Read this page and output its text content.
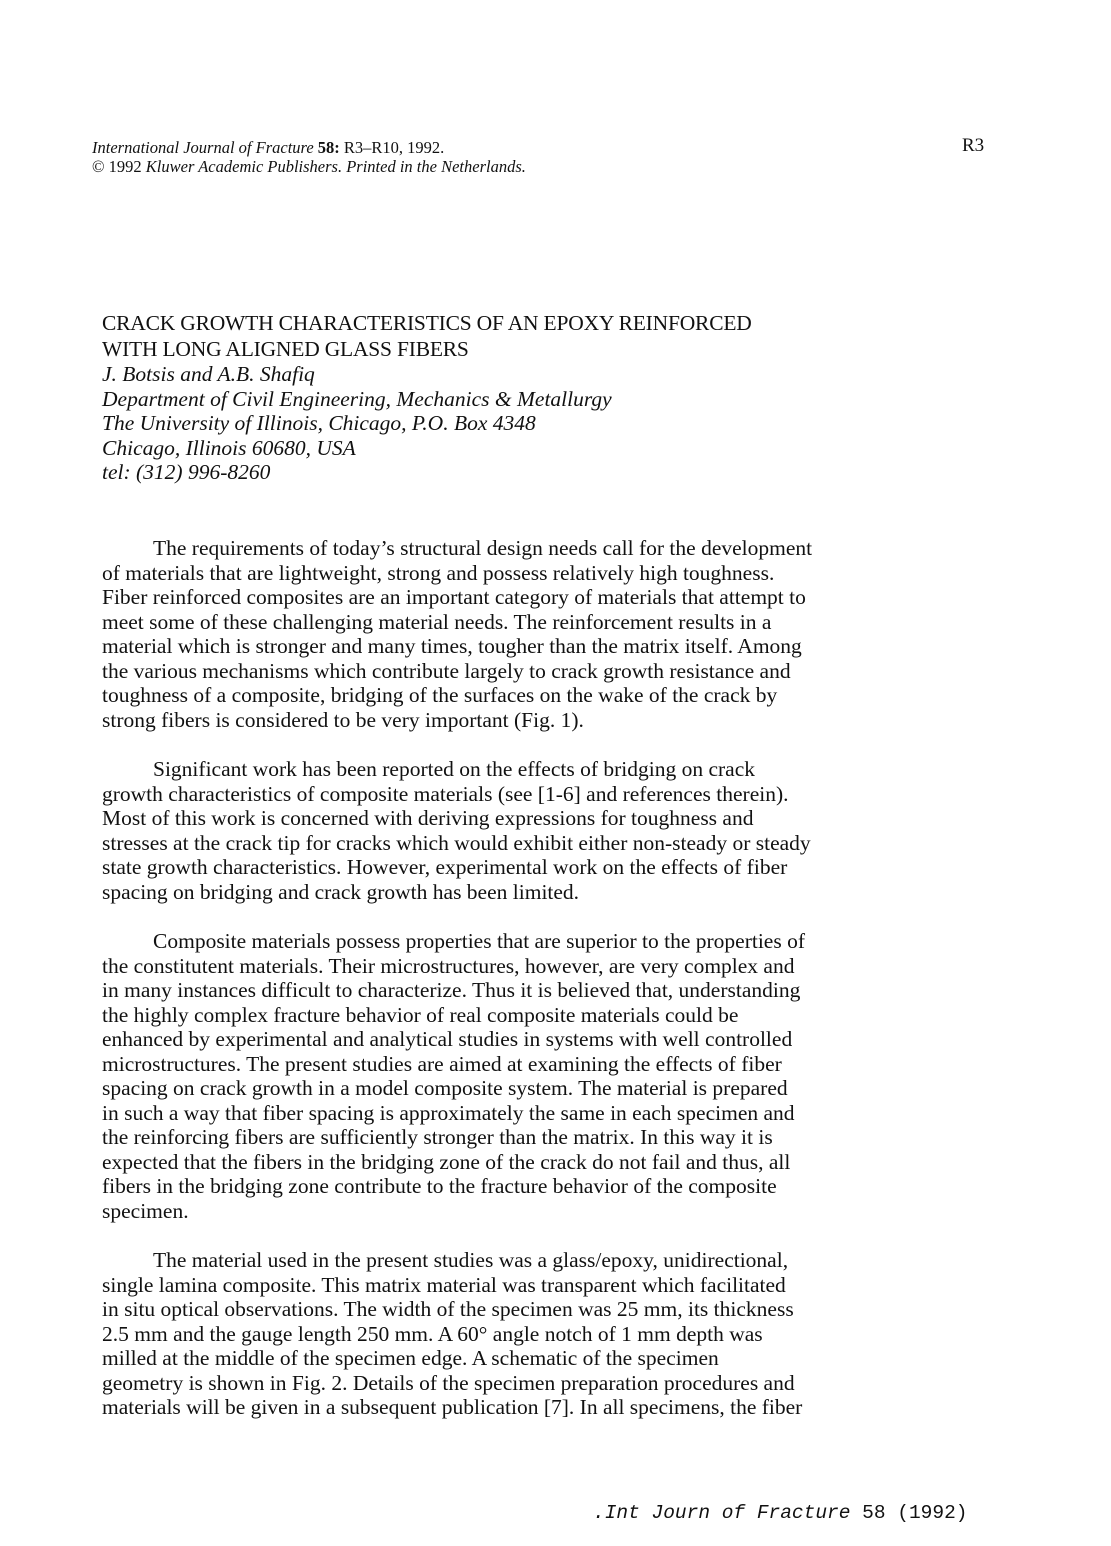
International Journal of Fracture 58: R3–R10, 1992.
© 1992 Kluwer Academic Publishers. Printed in the Netherlands.
R3
CRACK GROWTH CHARACTERISTICS OF AN EPOXY REINFORCED
WITH LONG ALIGNED GLASS FIBERS
J. Botsis and A.B. Shafiq
Department of Civil Engineering, Mechanics & Metallurgy
The University of Illinois, Chicago, P.O. Box 4348
Chicago, Illinois 60680, USA
tel: (312) 996-8260

The requirements of today’s structural design needs call for the development
of materials that are lightweight, strong and possess relatively high toughness.
Fiber reinforced composites are an important category of materials that attempt to
meet some of these challenging material needs. The reinforcement results in a
material which is stronger and many times, tougher than the matrix itself. Among
the various mechanisms which contribute largely to crack growth resistance and
toughness of a composite, bridging of the surfaces on the wake of the crack by
strong fibers is considered to be very important (Fig. 1).

Significant work has been reported on the effects of bridging on crack
growth characteristics of composite materials (see [1-6] and references therein).
Most of this work is concerned with deriving expressions for toughness and
stresses at the crack tip for cracks which would exhibit either non-steady or steady
state growth characteristics. However, experimental work on the effects of fiber
spacing on bridging and crack growth has been limited.

Composite materials possess properties that are superior to the properties of
the constitutent materials. Their microstructures, however, are very complex and
in many instances difficult to characterize. Thus it is believed that, understanding
the highly complex fracture behavior of real composite materials could be
enhanced by experimental and analytical studies in systems with well controlled
microstructures. The present studies are aimed at examining the effects of fiber
spacing on crack growth in a model composite system. The material is prepared
in such a way that fiber spacing is approximately the same in each specimen and
the reinforcing fibers are sufficiently stronger than the matrix. In this way it is
expected that the fibers in the bridging zone of the crack do not fail and thus, all
fibers in the bridging zone contribute to the fracture behavior of the composite
specimen.

The material used in the present studies was a glass/epoxy, unidirectional,
single lamina composite. This matrix material was transparent which facilitated
in situ optical observations. The width of the specimen was 25 mm, its thickness
2.5 mm and the gauge length 250 mm. A 60° angle notch of 1 mm depth was
milled at the middle of the specimen edge. A schematic of the specimen
geometry is shown in Fig. 2. Details of the specimen preparation procedures and
materials will be given in a subsequent publication [7]. In all specimens, the fiber

.Int Journ of Fracture 58 (1992)
